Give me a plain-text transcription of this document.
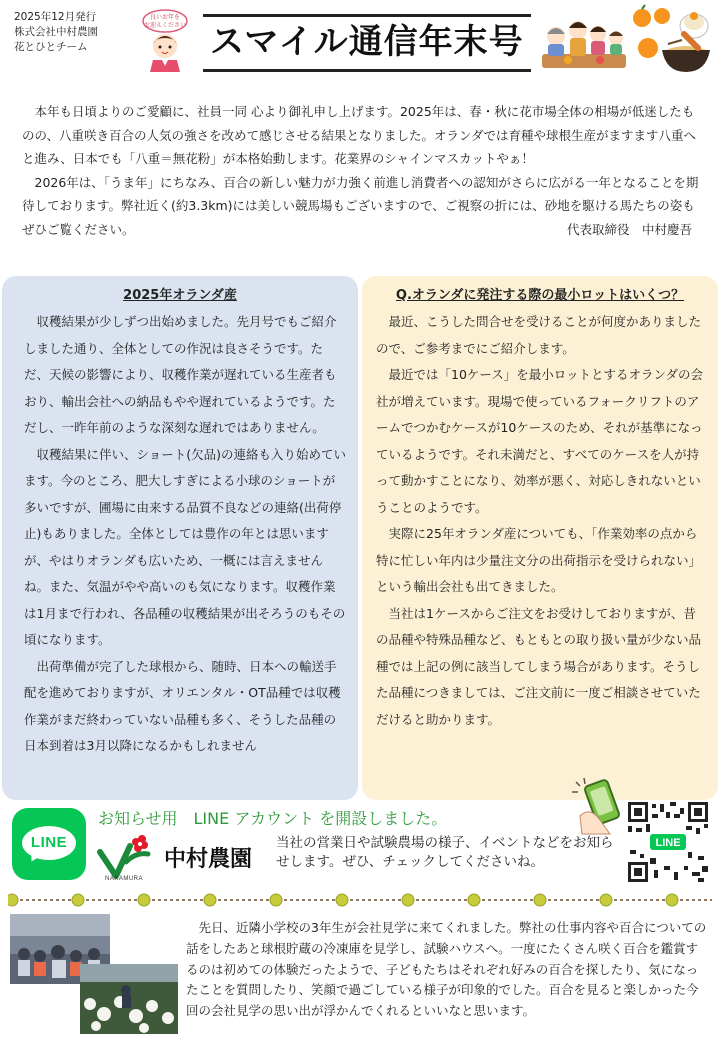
2025年12月発行
株式会社中村農園
花とひとチーム
良いお年を
お迎えください スマイル通信年末号

本年も日頃よりのご愛顧に、社員一同 心より御礼申し上げます。2025年は、春・秋に花市場全体の相場が低迷したものの、八重咲き百合の人気の強さを改めて感じさせる結果となりました。オランダでは育種や球根生産がますます八重へと進み、日本でも「八重＝無花粉」が本格始動します。花業界のシャインマスカットやぁ！

2026年は、「うま年」にちなみ、百合の新しい魅力が力強く前進し消費者への認知がさらに広がる一年となることを期待しております。弊社近く(約3.3km)には美しい競馬場もございますので、ご視察の折には、砂地を駆ける馬たちの姿もぜひご覧ください。	代表取締役　中村慶吾
2025年オランダ産

収穫結果が少しずつ出始めました。先月号でもご紹介しました通り、全体としての作況は良さそうです。ただ、天候の影響により、収穫作業が遅れている生産者もおり、輸出会社への納品もやや遅れているようです。ただし、一昨年前のような深刻な遅れではありません。

収穫結果に伴い、ショート(欠品)の連絡も入り始めています。今のところ、肥大しすぎによる小球のショートが多いですが、圃場に由来する品質不良などの連絡(出荷停止)もありました。全体としては豊作の年とは思いますが、やはりオランダも広いため、一概には言えませんね。また、気温がやや高いのも気になります。収穫作業は1月まで行われ、各品種の収穫結果が出そろうのもその頃になります。

出荷準備が完了した球根から、随時、日本への輸送手配を進めておりますが、オリエンタル・OT品種では収穫作業がまだ終わっていない品種も多く、そうした品種の日本到着は3月以降になるかもしれません

Q.オランダに発注する際の最小ロットはいくつ？

最近、こうした問合せを受けることが何度かありましたので、ご参考までにご紹介します。

最近では「10ケース」を最小ロットとするオランダの会社が増えています。現場で使っているフォークリフトのアームでつかむケースが10ケースのため、それが基準になっているようです。それ未満だと、すべてのケースを人が持って動かすことになり、効率が悪く、対応しきれないということのようです。

実際に25年オランダ産についても、「作業効率の点から特に忙しい年内は少量注文分の出荷指示を受けられない」という輸出会社も出てきました。

当社は1ケースからご注文をお受けしておりますが、昔の品種や特殊品種など、もともとの取り扱い量が少ない品種では上記の例に該当してしまう場合があります。そうした品種につきましては、ご注文前に一度ご相談させていただけると助かります。

LINE
お知らせ用　LINE アカウント を開設しました。
NAKAMURA
中村農園
当社の営業日や試験農場の様子、イベントなどをお知らせします。ぜひ、チェックしてくださいね。
LINE

先日、近隣小学校の3年生が会社見学に来てくれました。弊社の仕事内容や百合についての話をしたあと球根貯蔵の冷凍庫を見学し、試験ハウスへ。一度にたくさん咲く百合を鑑賞するのは初めての体験だったようで、子どもたちはそれぞれ好みの百合を探したり、気になったことを質問したり、笑顔で過ごしている様子が印象的でした。百合を見ると楽しかった今回の会社見学の思い出が浮かんでくれるといいなと思います。
